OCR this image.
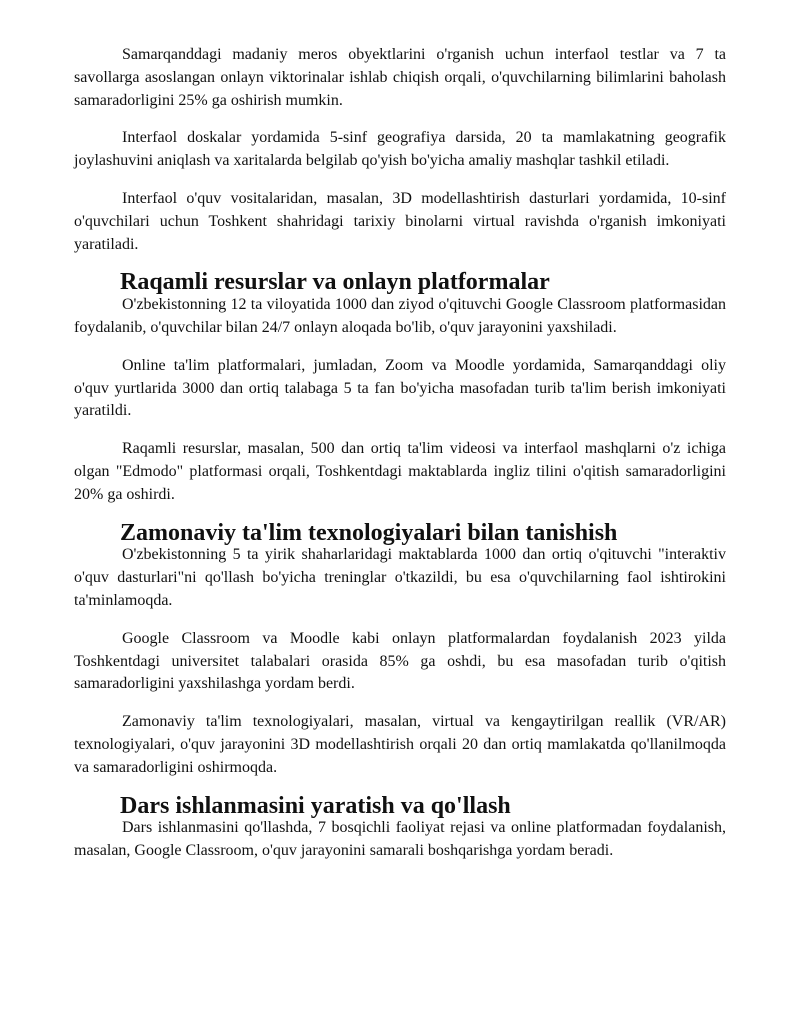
Samarqanddagi madaniy meros obyektlarini o'rganish uchun interfaol testlar va 7 ta savollarga asoslangan onlayn viktorinalar ishlab chiqish orqali, o'quvchilarning bilimlarini baholash samaradorligini 25% ga oshirish mumkin.

Interfaol doskalar yordamida 5-sinf geografiya darsida, 20 ta mamlakatning geografik joylashuvini aniqlash va xaritalarda belgilab qo'yish bo'yicha amaliy mashqlar tashkil etiladi.

Interfaol o'quv vositalaridan, masalan, 3D modellashtirish dasturlari yordamida, 10-sinf o'quvchilari uchun Toshkent shahridagi tarixiy binolarni virtual ravishda o'rganish imkoniyati yaratiladi.

Raqamli resurslar va onlayn platformalar

O'zbekistonning 12 ta viloyatida 1000 dan ziyod o'qituvchi Google Classroom platformasidan foydalanib, o'quvchilar bilan 24/7 onlayn aloqada bo'lib, o'quv jarayonini yaxshiladi.

Online ta'lim platformalari, jumladan, Zoom va Moodle yordamida, Samarqanddagi oliy o'quv yurtlarida 3000 dan ortiq talabaga 5 ta fan bo'yicha masofadan turib ta'lim berish imkoniyati yaratildi.

Raqamli resurslar, masalan, 500 dan ortiq ta'lim videosi va interfaol mashqlarni o'z ichiga olgan "Edmodo" platformasi orqali, Toshkentdagi maktablarda ingliz tilini o'qitish samaradorligini 20% ga oshirdi.

Zamonaviy ta'lim texnologiyalari bilan tanishish

O'zbekistonning 5 ta yirik shaharlaridagi maktablarda 1000 dan ortiq o'qituvchi "interaktiv o'quv dasturlari"ni qo'llash bo'yicha treninglar o'tkazildi, bu esa o'quvchilarning faol ishtirokini ta'minlamoqda.

Google Classroom va Moodle kabi onlayn platformalardan foydalanish 2023 yilda Toshkentdagi universitet talabalari orasida 85% ga oshdi, bu esa masofadan turib o'qitish samaradorligini yaxshilashga yordam berdi.

Zamonaviy ta'lim texnologiyalari, masalan, virtual va kengaytirilgan reallik (VR/AR) texnologiyalari, o'quv jarayonini 3D modellashtirish orqali 20 dan ortiq mamlakatda qo'llanilmoqda va samaradorligini oshirmoqda.

Dars ishlanmasini yaratish va qo'llash

Dars ishlanmasini qo'llashda, 7 bosqichli faoliyat rejasi va online platformadan foydalanish, masalan, Google Classroom, o'quv jarayonini samarali boshqarishga yordam beradi.
